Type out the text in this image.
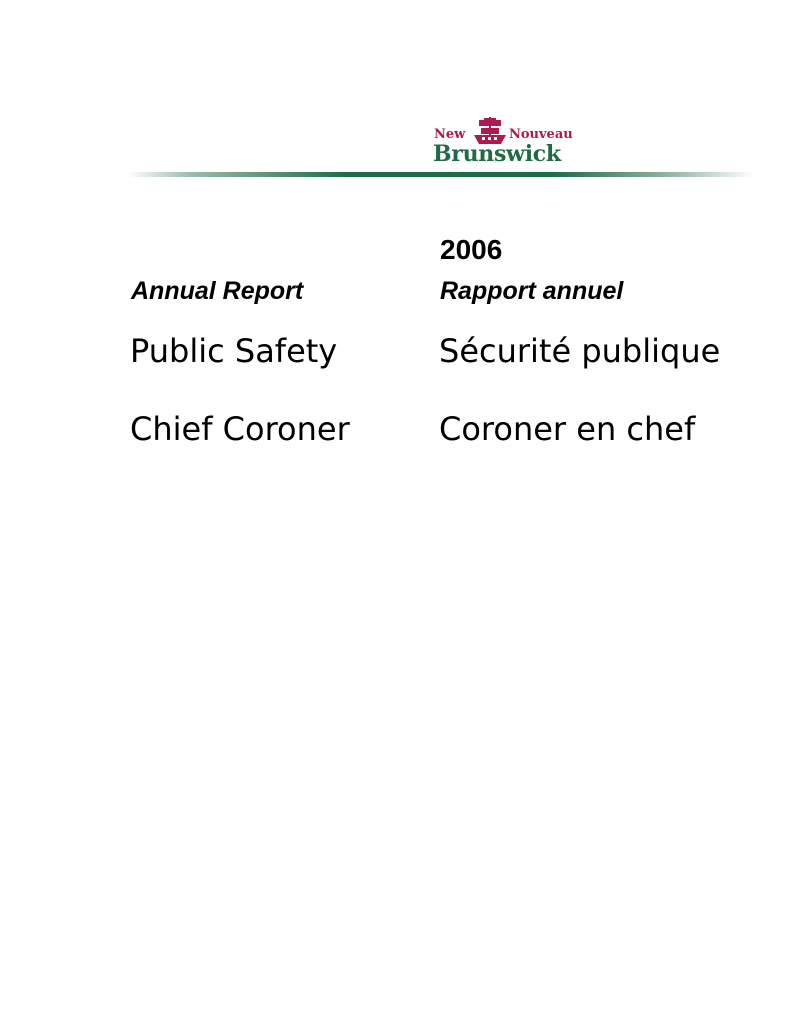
New	Nouveau
Brunswick
2006
Annual Report	Rapport annuel
Public Safety	Sécurité publique
Chief Coroner	Coroner en chef
